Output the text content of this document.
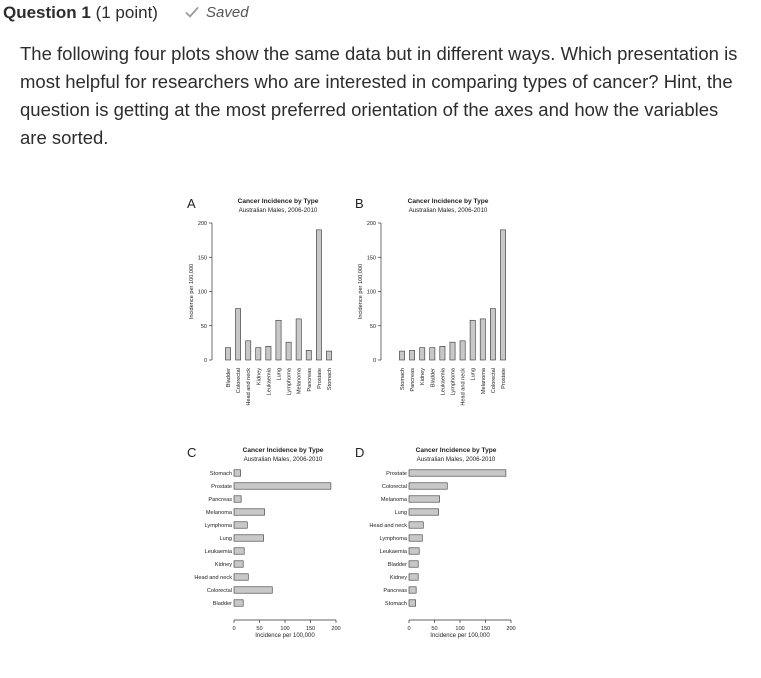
Question 1 (1 point)	Saved
The following four plots show the same data but in different ways. Which presentation is most helpful for researchers who are interested in comparing types of cancer? Hint, the question is getting at the most preferred orientation of the axes and how the variables are sorted.
A	Cancer Incidence by Type
Australian Males, 2006-2010
0
50
100
150
200
Incidence per 100,000
Bladder Colorectal Head and neck Kidney Leukaemia Lung Lymphoma Melanoma Pancreas Prostate Stomach
B	Cancer Incidence by Type
Australian Males, 2006-2010
0
50
100
150
200
Incidence per 100,000
Stomach Pancreas Kidney Bladder Leukaemia Lymphoma Head and neck Lung Melanoma Colorectal Prostate
C	Cancer Incidence by Type
Australian Males, 2006-2010
0	50	100	150	200
Incidence per 100,000
Stomach
Prostate
Pancreas
Melanoma
Lymphoma
Lung
Leukaemia
Kidney
Head and neck
Colorectal
Bladder
D	Cancer Incidence by Type
Australian Males, 2006-2010
0	50	100	150	200
Incidence per 100,000
Prostate
Colorectal
Melanoma
Lung
Head and neck
Lymphoma
Leukaemia
Bladder
Kidney
Pancreas
Stomach
